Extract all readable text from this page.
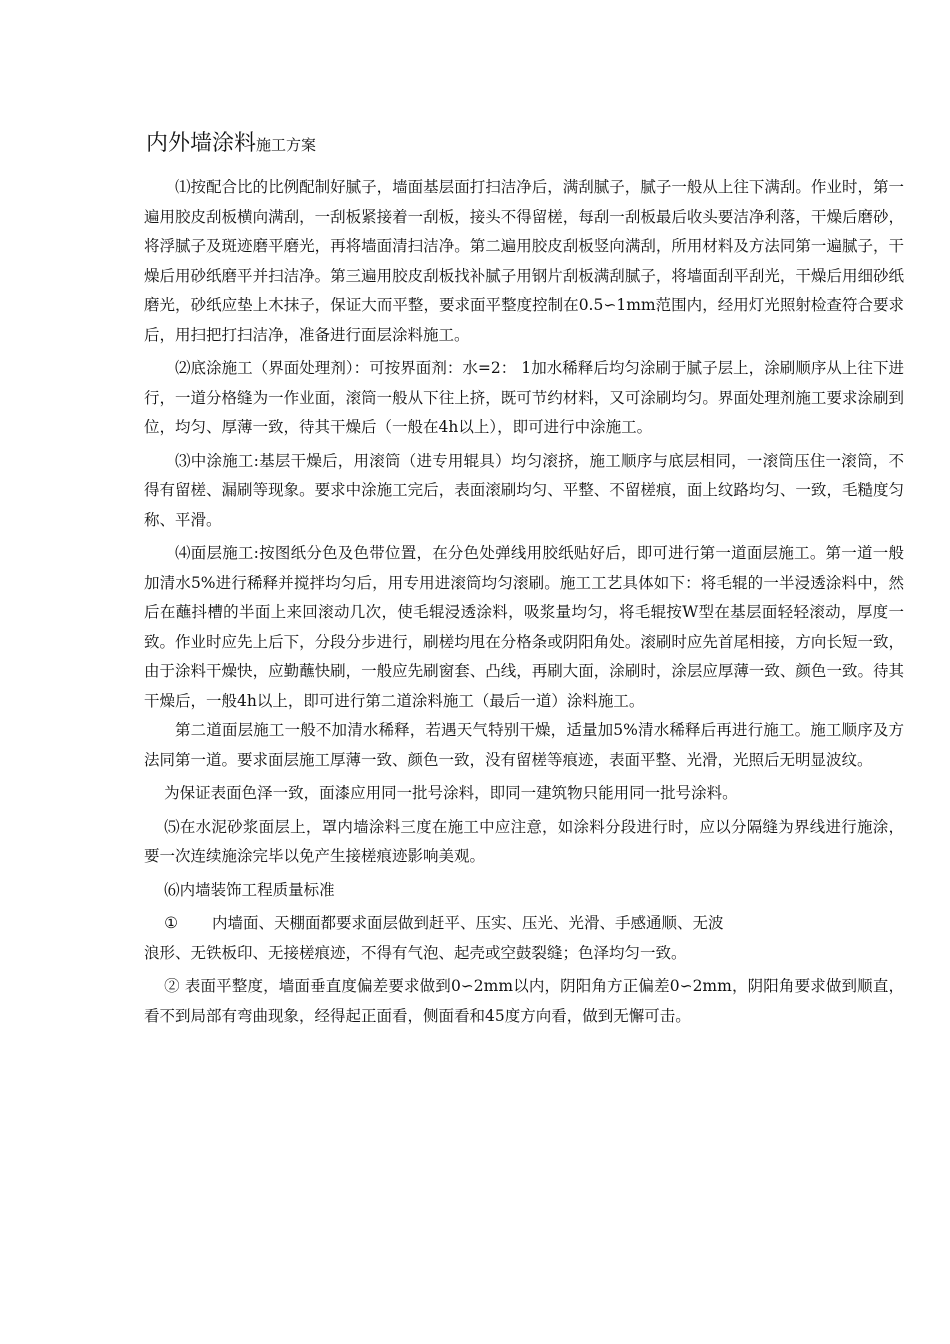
内外墙涂料施工方案

⑴按配合比的比例配制好腻子，墙面基层面打扫洁净后，满刮腻子，腻子一般从上往下满刮。作业时，第一遍用胶皮刮板横向满刮，一刮板紧接着一刮板，接头不得留槎，每刮一刮板最后收头要洁净利落，干燥后磨砂，将浮腻子及斑迹磨平磨光，再将墙面清扫洁净。第二遍用胶皮刮板竖向满刮，所用材料及方法同第一遍腻子，干燥后用砂纸磨平并扫洁净。第三遍用胶皮刮板找补腻子用钢片刮板满刮腻子，将墙面刮平刮光，干燥后用细砂纸磨光，砂纸应垫上木抹子，保证大而平整，要求面平整度控制在0.5∽1mm范围内，经用灯光照射检查符合要求后，用扫把打扫洁净，准备进行面层涂料施工。

⑵底涂施工（界面处理剂）：可按界面剂：水=2： 1加水稀释后均匀涂刷于腻子层上，涂刷顺序从上往下进行，一道分格缝为一作业面，滚筒一般从下往上挤，既可节约材料，又可涂刷均匀。界面处理剂施工要求涂刷到位，均匀、厚薄一致，待其干燥后（一般在4h以上），即可进行中涂施工。

⑶中涂施工:基层干燥后，用滚筒（进专用辊具）均匀滚挤，施工顺序与底层相同，一滚筒压住一滚筒，不得有留槎、漏刷等现象。要求中涂施工完后，表面滚刷均匀、平整、不留槎痕，面上纹路均匀、一致，毛糙度匀称、平滑。

⑷面层施工:按图纸分色及色带位置，在分色处弹线用胶纸贴好后，即可进行第一道面层施工。第一道一般加清水5%进行稀释并搅拌均匀后，用专用进滚筒均匀滚刷。施工工艺具体如下：将毛辊的一半浸透涂料中，然后在蘸抖槽的半面上来回滚动几次，使毛辊浸透涂料，吸浆量均匀，将毛辊按W型在基层面轻轻滚动，厚度一致。作业时应先上后下，分段分步进行，刷槎均甩在分格条或阴阳角处。滚刷时应先首尾相接，方向长短一致，由于涂料干燥快，应勤蘸快刷，一般应先刷窗套、凸线，再刷大面，涂刷时，涂层应厚薄一致、颜色一致。待其干燥后，一般4h以上，即可进行第二道涂料施工（最后一道）涂料施工。

第二道面层施工一般不加清水稀释，若遇天气特别干燥，适量加5%清水稀释后再进行施工。施工顺序及方法同第一道。要求面层施工厚薄一致、颜色一致，没有留槎等痕迹，表面平整、光滑，光照后无明显波纹。

为保证表面色泽一致，面漆应用同一批号涂料，即同一建筑物只能用同一批号涂料。

⑸在水泥砂浆面层上，罩内墙涂料三度在施工中应注意，如涂料分段进行时，应以分隔缝为界线进行施涂，要一次连续施涂完毕以免产生接槎痕迹影响美观。

⑹内墙装饰工程质量标准

① 内墙面、天棚面都要求面层做到赶平、压实、压光、光滑、手感通顺、无波

浪形、无铁板印、无接槎痕迹，不得有气泡、起壳或空鼓裂缝；色泽均匀一致。

② 表面平整度，墙面垂直度偏差要求做到0∽2mm以内，阴阳角方正偏差0∽2mm，阴阳角要求做到顺直，看不到局部有弯曲现象，经得起正面看，侧面看和45度方向看，做到无懈可击。
